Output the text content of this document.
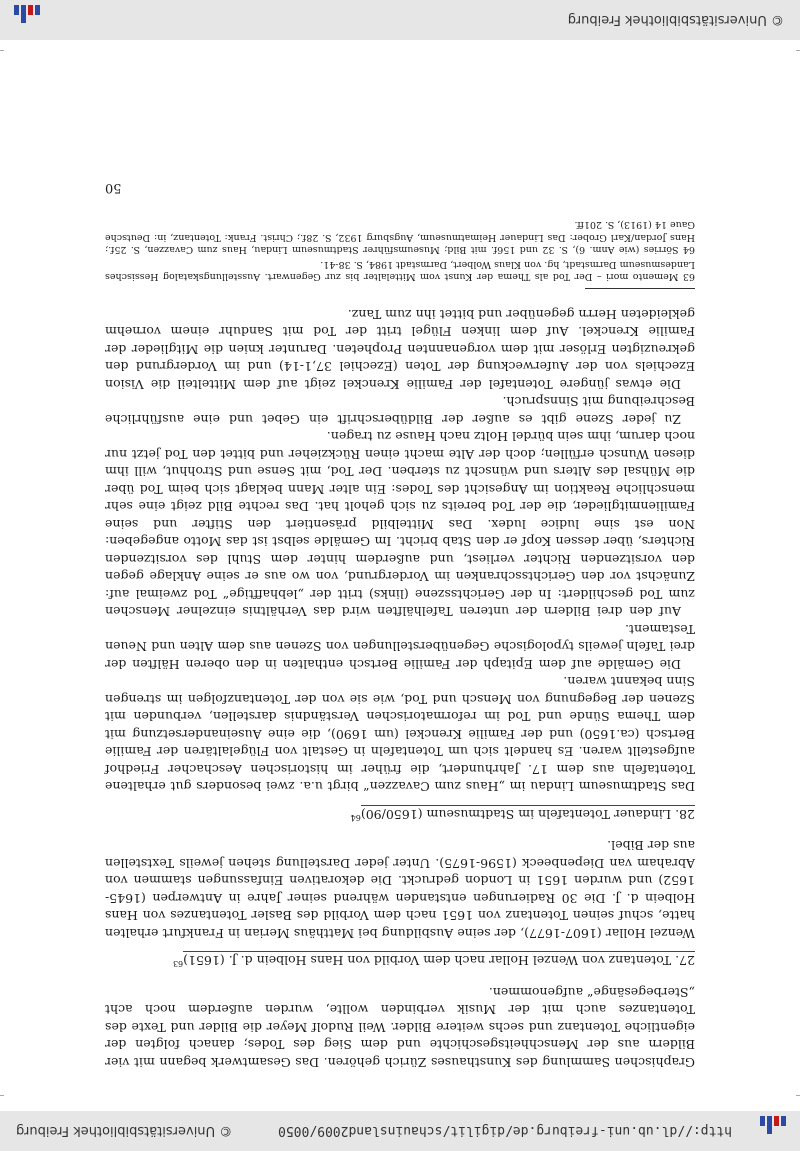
http://dl.ub.uni-freiburg.de/digilit/schauinsland2009/0050
© Universitätsbibliothek Freiburg

Graphischen Sammlung des Kunsthauses Zürich gehören. Das Gesamtwerk begann mit vier Bildern aus der Menschheitsgeschichte und dem Sieg des Todes; danach folgten der eigentliche Totentanz und sechs weitere Bilder. Weil Rudolf Meyer die Bilder und Texte des Totentanzes auch mit der Musik verbinden wollte, wurden außerdem noch acht „Sterbegesänge“ aufgenommen.

27. Totentanz von Wenzel Hollar nach dem Vorbild von Hans Holbein d. J. $(1651)^{63}$

Wenzel Hollar (1607-1677), der seine Ausbildung bei Matthäus Merian in Frankfurt erhalten hatte, schuf seinen Totentanz von 1651 nach dem Vorbild des Basler Totentanzes von Hans Holbein d. J. Die 30 Radierungen entstanden während seiner Jahre in Antwerpen (1645-1652) und wurden 1651 in London gedruckt. Die dekorativen Einfassungen stammen von Abraham van Diepenbeeck (1596-1675). Unter jeder Darstellung stehen jeweils Textstellen aus der Bibel.

28. Lindauer Totentafeln im Stadtmuseum $(1650/90)^{64}$

Das Stadtmuseum Lindau im „Haus zum Cavazzen“ birgt u.a. zwei besonders gut erhaltene Totentafeln aus dem 17. Jahrhundert, die früher im historischen Aeschacher Friedhof aufgestellt waren. Es handelt sich um Totentafeln in Gestalt von Flügelaltären der Familie Bertsch (ca.1650) und der Familie Krenckel (um 1690), die eine Auseinandersetzung mit dem Thema Sünde und Tod im reformatorischen Verständnis darstellen, verbunden mit Szenen der Begegnung von Mensch und Tod, wie sie von der Totentanzfolgen im strengen Sinn bekannt waren.

Die Gemälde auf dem Epitaph der Familie Bertsch enthalten in den oberen Hälften der drei Tafeln jeweils typologische Gegenüberstellungen von Szenen aus dem Alten und Neuen Testament.

Auf den drei Bildern der unteren Tafelhälften wird das Verhältnis einzelner Menschen zum Tod geschildert: In der Gerichtsszene (links) tritt der „lebhafftige“ Tod zweimal auf: Zunächst vor den Gerichtsschranken im Vordergrund, von wo aus er seine Anklage gegen den vorsitzenden Richter verliest, und außerdem hinter dem Stuhl des vorsitzenden Richters, über dessen Kopf er den Stab bricht. Im Gemälde selbst ist das Motto angegeben: Non est sine ludice ludex. Das Mittelbild präsentiert den Stifter und seine Familienmitglieder, die der Tod bereits zu sich geholt hat. Das rechte Bild zeigt eine sehr menschliche Reaktion im Angesicht des Todes: Ein alter Mann beklagt sich beim Tod über die Mühsal des Alters und wünscht zu sterben. Der Tod, mit Sense und Strohhut, will ihm diesen Wunsch erfüllen; doch der Alte macht einen Rückzieher und bittet den Tod jetzt nur noch darum, ihm sein bürdel Holtz nach Hause zu tragen.

Zu jeder Szene gibt es außer der Bildüberschrift ein Gebet und eine ausführliche Beschreibung mit Sinnspruch.

Die etwas jüngere Totentafel der Familie Krenckel zeigt auf dem Mittelteil die Vision Ezechiels von der Auferweckung der Toten (Ezechiel 37,1-14) und im Vordergrund den gekreuzigten Erlöser mit dem vorgenannten Propheten. Darunter knien die Mitglieder der Familie Krenckel. Auf dem linken Flügel tritt der Tod mit Sanduhr einem vornehm gekleideten Herrn gegenüber und bittet ihn zum Tanz.

63 Memento mori – Der Tod als Thema der Kunst vom Mittelalter bis zur Gegenwart. Ausstellungskatalog Hessisches Landesmuseum Darmstadt, hg. von Klaus Wolbert, Darmstadt 1984, S. 38-41.

64 Sörries (wie Anm. 6), S. 32 und 156f. mit Bild; Museumsführer Stadtmuseum Lindau, Haus zum Cavazzen, S. 25f.; Hans Jordan/Karl Grober: Das Lindauer Heimatmuseum, Augsburg 1932, S. 28f.; Christ. Frank: Totentanz, in: Deutsche Gaue 14 (1913), S. 201ff.

50
© Universitätsbibliothek Freiburg
